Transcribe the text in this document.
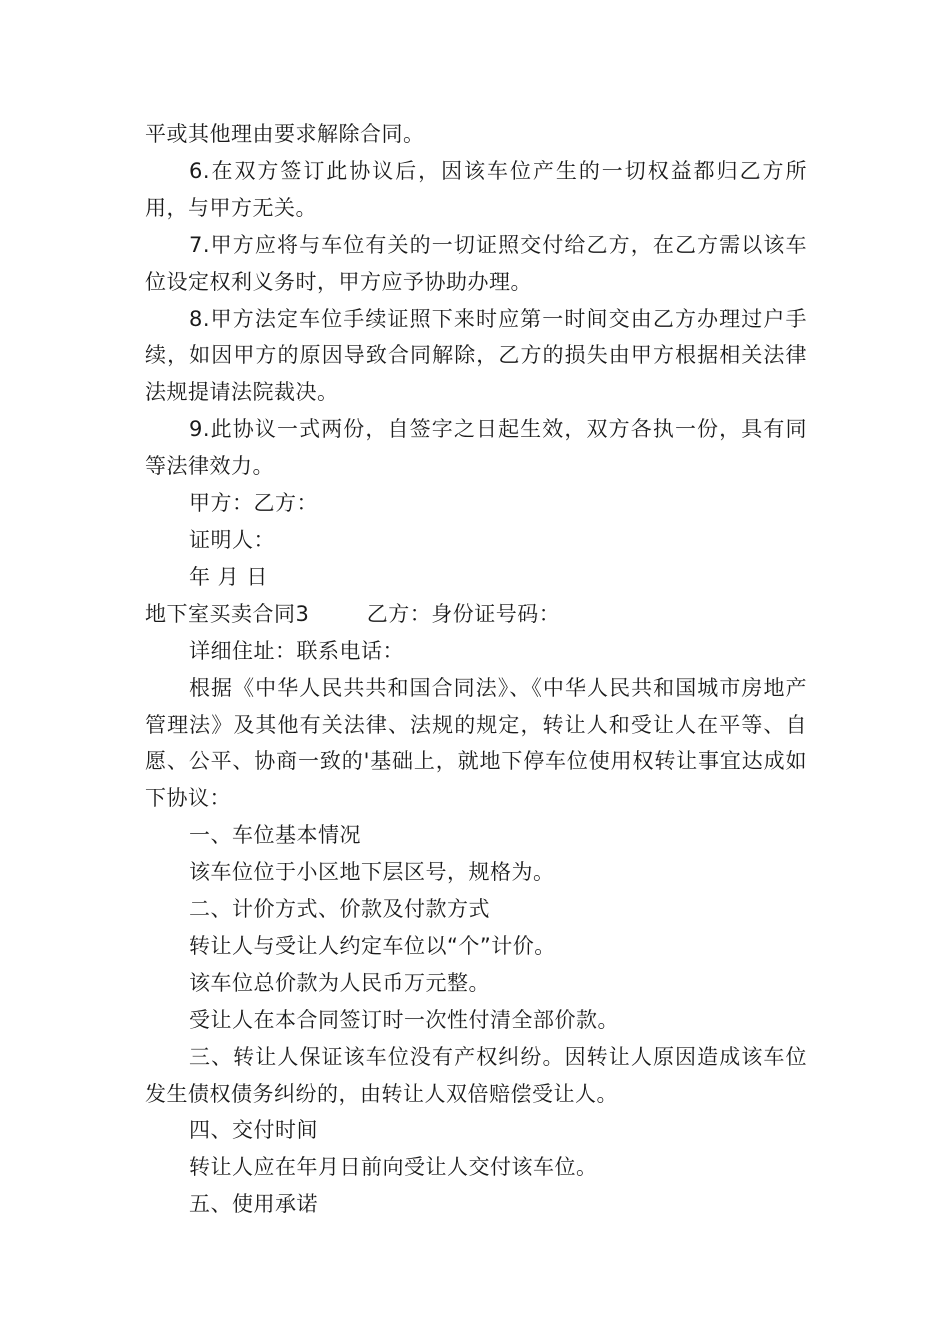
平或其他理由要求解除合同。

6.在双方签订此协议后，因该车位产生的一切权益都归乙方所用，与甲方无关。

7.甲方应将与车位有关的一切证照交付给乙方，在乙方需以该车位设定权利义务时，甲方应予协助办理。

8.甲方法定车位手续证照下来时应第一时间交由乙方办理过户手续，如因甲方的原因导致合同解除，乙方的损失由甲方根据相关法律法规提请法院裁决。

9.此协议一式两份，自签字之日起生效，双方各执一份，具有同等法律效力。

甲方：乙方：

证明人：

年 月 日

地下室买卖合同3        乙方：身份证号码：

详细住址：联系电话：

根据《中华人民共共和国合同法》、《中华人民共和国城市房地产管理法》及其他有关法律、法规的规定，转让人和受让人在平等、自愿、公平、协商一致的'基础上，就地下停车位使用权转让事宜达成如下协议：

一、车位基本情况

该车位位于小区地下层区号，规格为。

二、计价方式、价款及付款方式

转让人与受让人约定车位以“个”计价。

该车位总价款为人民币万元整。

受让人在本合同签订时一次性付清全部价款。

三、转让人保证该车位没有产权纠纷。因转让人原因造成该车位发生债权债务纠纷的，由转让人双倍赔偿受让人。

四、交付时间

转让人应在年月日前向受让人交付该车位。

五、使用承诺
